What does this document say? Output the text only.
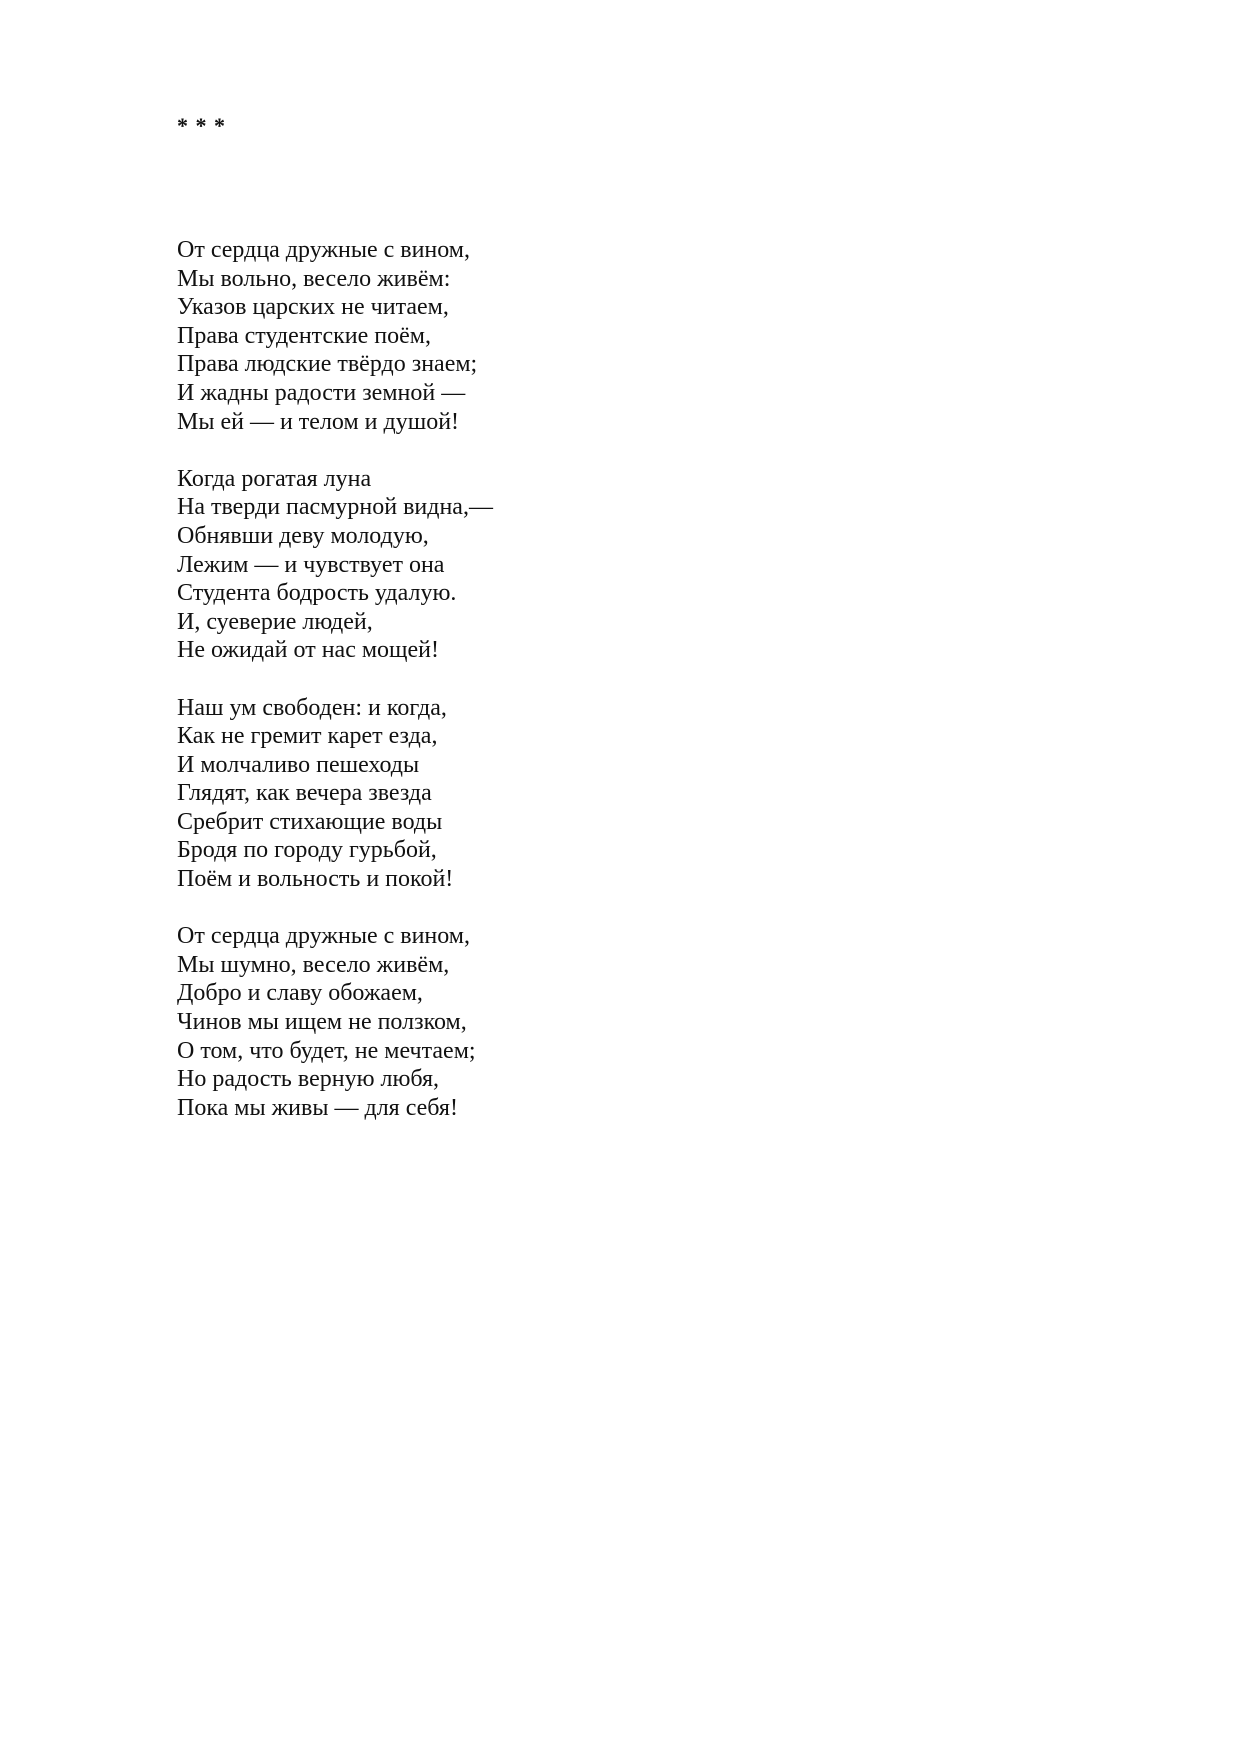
* * *
От сердца дружные с вином,
Мы вольно, весело живём:
Указов царских не читаем,
Права студентские поём,
Права людские твёрдо знаем;
И жадны радости земной —
Мы ей — и телом и душой!
Когда рогатая луна
На тверди пасмурной видна,—
Обнявши деву молодую,
Лежим — и чувствует она
Студента бодрость удалую.
И, суеверие людей,
Не ожидай от нас мощей!
Наш ум свободен: и когда,
Как не гремит карет езда,
И молчаливо пешеходы
Глядят, как вечера звезда
Сребрит стихающие воды
Бродя по городу гурьбой,
Поём и вольность и покой!
От сердца дружные с вином,
Мы шумно, весело живём,
Добро и славу обожаем,
Чинов мы ищем не ползком,
О том, что будет, не мечтаем;
Но радость верную любя,
Пока мы живы — для себя!
